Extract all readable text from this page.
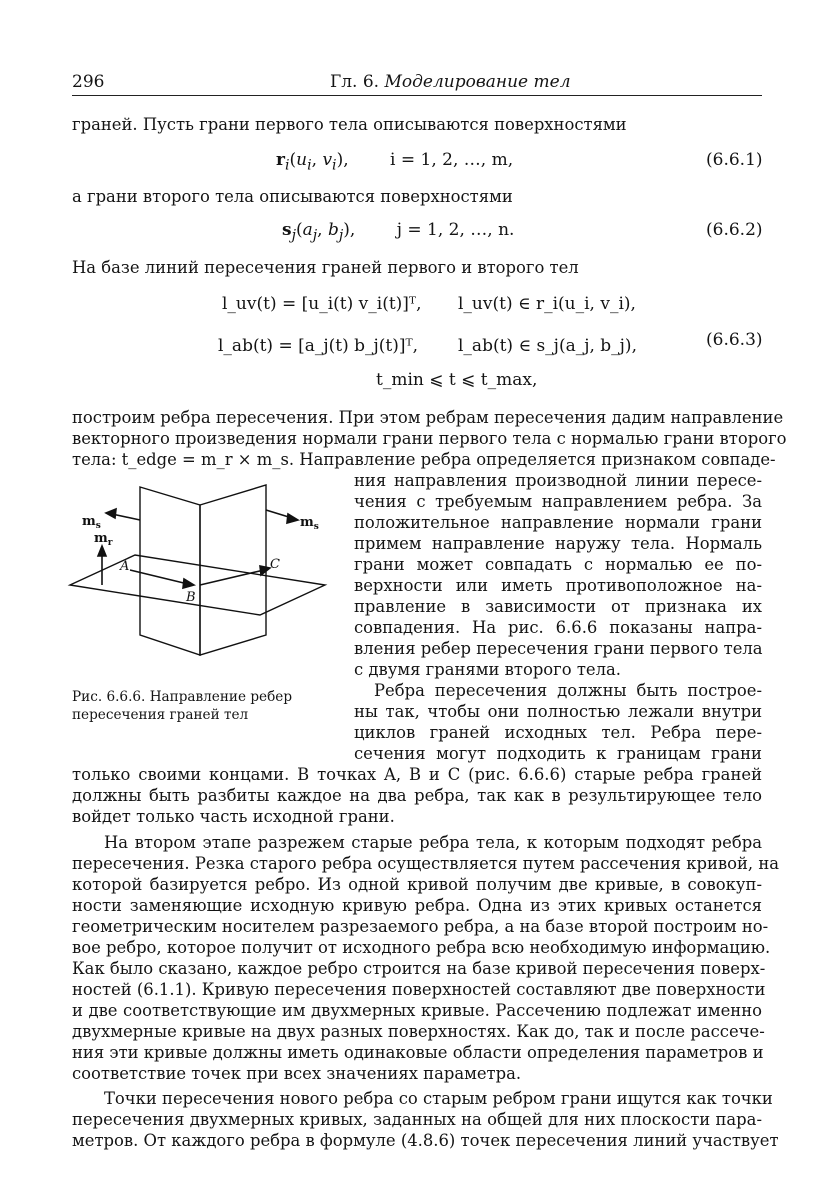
296	Гл. 6. Моделирование тел
граней. Пусть грани первого тела описываются поверхностями
$r_i(u_i$, $v_i$), i = 1, 2, …, m,	(6.6.1)
а грани второго тела описываются поверхностями
$s_j(a_j$, $b_j$), j = 1, 2, …, n.	(6.6.2)
На базе линий пересечения граней первого и второго тел
l_uv(t) = [u_i(t) v_i(t)]ᵀ, l_uv(t) ∈ r_i(u_i, v_i),
l_ab(t) = [a_j(t) b_j(t)]ᵀ, l_ab(t) ∈ s_j(a_j, b_j),
t_min ⩽ t ⩽ t_max,
(6.6.3)
построим ребра пересечения. При этом ребрам пересечения дадим направление
векторного произведения нормали грани первого тела с нормалью грани второго
тела: t_edge = m_r × m_s. Направление ребра определяется признаком совпаде-
$m_s$
$m_r$
$m_s$
A
B
C
Рис. 6.6.6. Направление ребер пересечения граней тел
ния направления производной линии пересе-
чения с требуемым направлением ребра. За
положительное направление нормали грани
примем направление наружу тела. Нормаль
грани может совпадать с нормалью ее по-
верхности или иметь противоположное на-
правление в зависимости от признака их
совпадения. На рис. 6.6.6 показаны напра-
вления ребер пересечения грани первого тела
с двумя гранями второго тела.
Ребра пересечения должны быть построе-
ны так, чтобы они полностью лежали внутри
циклов граней исходных тел. Ребра пере-
сечения могут подходить к границам грани
только своими концами. В точках A, B и C (рис. 6.6.6) старые ребра граней
должны быть разбиты каждое на два ребра, так как в результирующее тело
войдет только часть исходной грани.
На втором этапе разрежем старые ребра тела, к которым подходят ребра
пересечения. Резка старого ребра осуществляется путем рассечения кривой, на
которой базируется ребро. Из одной кривой получим две кривые, в совокуп-
ности заменяющие исходную кривую ребра. Одна из этих кривых останется
геометрическим носителем разрезаемого ребра, а на базе второй построим но-
вое ребро, которое получит от исходного ребра всю необходимую информацию.
Как было сказано, каждое ребро строится на базе кривой пересечения поверх-
ностей (6.1.1). Кривую пересечения поверхностей составляют две поверхности
и две соответствующие им двухмерных кривые. Рассечению подлежат именно
двухмерные кривые на двух разных поверхностях. Как до, так и после рассече-
ния эти кривые должны иметь одинаковые области определения параметров и
соответствие точек при всех значениях параметра.
Точки пересечения нового ребра со старым ребром грани ищутся как точки
пересечения двухмерных кривых, заданных на общей для них плоскости пара-
метров. От каждого ребра в формуле (4.8.6) точек пересечения линий участвует
